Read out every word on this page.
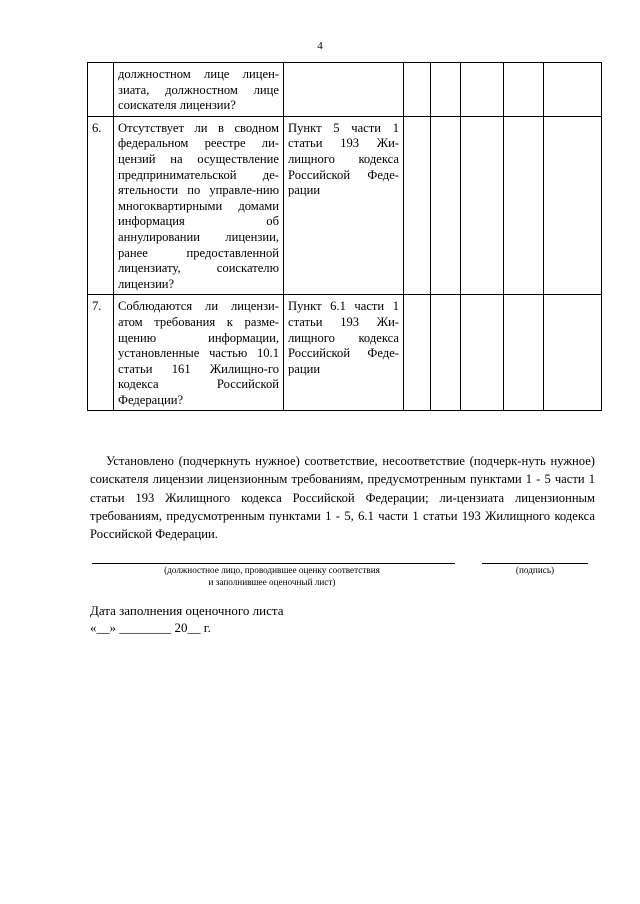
4
	должностном лице лицен-зиата, должностном лице соискателя лицензии?						
6.	Отсутствует ли в сводном федеральном реестре ли-цензий на осуществление предпринимательской де-ятельности по управле-нию многоквартирными домами информация об аннулировании лицензии, ранее предоставленной лицензиату, соискателю лицензии?	Пункт 5 части 1 статьи 193 Жи-лищного кодекса Российской Феде-рации					
7.	Соблюдаются ли лицензи-атом требования к разме-щению информации, установленные частью 10.1 статьи 161 Жилищно-го кодекса Российской Федерации?	Пункт 6.1 части 1 статьи 193 Жи-лищного кодекса Российской Феде-рации					

Установлено (подчеркнуть нужное) соответствие, несоответствие (подчерк-нуть нужное) соискателя лицензии лицензионным требованиям, предусмотренным пунктами 1 - 5 части 1 статьи 193 Жилищного кодекса Российской Федерации; ли-цензиата лицензионным требованиям, предусмотренным пунктами 1 - 5, 6.1 части 1 статьи 193 Жилищного кодекса Российской Федерации.

(должностное лицо, проводившее оценку соответствия
и заполнившее оценочный лист)
(подпись)
Дата заполнения оценочного листа
«__» ________ 20__ г.
